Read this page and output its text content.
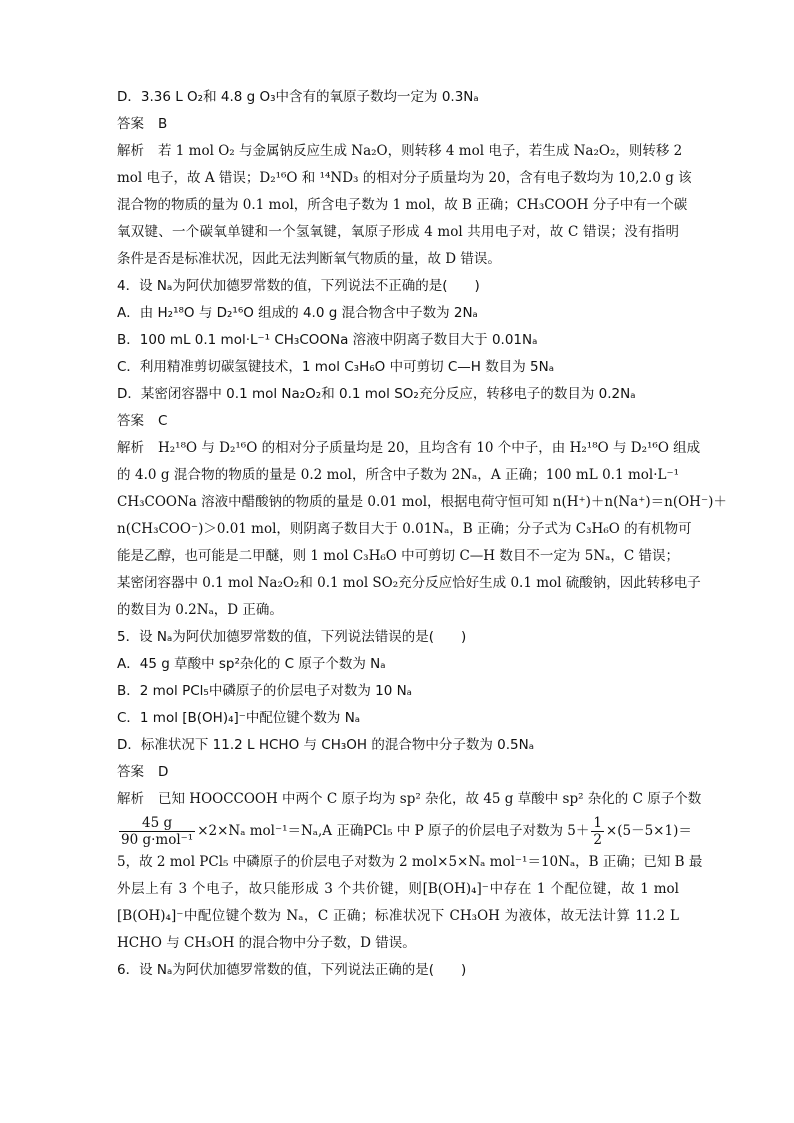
D．3.36 L O₂和 4.8 g O₃中含有的氧原子数均一定为 0.3Nₐ
答案 B
解析 若 1 mol O₂ 与金属钠反应生成 Na₂O，则转移 4 mol 电子，若生成 Na₂O₂，则转移 2
mol 电子，故 A 错误；D₂¹⁶O 和 ¹⁴ND₃ 的相对分子质量均为 20，含有电子数均为 10,2.0 g 该
混合物的物质的量为 0.1 mol，所含电子数为 1 mol，故 B 正确；CH₃COOH 分子中有一个碳
氧双键、一个碳氧单键和一个氢氧键，氧原子形成 4 mol 共用电子对，故 C 错误；没有指明
条件是否是标准状况，因此无法判断氧气物质的量，故 D 错误。
4．设 Nₐ为阿伏加德罗常数的值，下列说法不正确的是(　　)
A．由 H₂¹⁸O 与 D₂¹⁶O 组成的 4.0 g 混合物含中子数为 2Nₐ
B．100 mL 0.1 mol·L⁻¹ CH₃COONa 溶液中阴离子数目大于 0.01Nₐ
C．利用精准剪切碳氢键技术，1 mol C₃H₆O 中可剪切 C—H 数目为 5Nₐ
D．某密闭容器中 0.1 mol Na₂O₂和 0.1 mol SO₂充分反应，转移电子的数目为 0.2Nₐ
答案 C
解析 H₂¹⁸O 与 D₂¹⁶O 的相对分子质量均是 20，且均含有 10 个中子，由 H₂¹⁸O 与 D₂¹⁶O 组成
的 4.0 g 混合物的物质的量是 0.2 mol，所含中子数为 2Nₐ，A 正确；100 mL 0.1 mol·L⁻¹
CH₃COONa 溶液中醋酸钠的物质的量是 0.01 mol，根据电荷守恒可知 n(H⁺)＋n(Na⁺)＝n(OH⁻)＋
n(CH₃COO⁻)＞0.01 mol，则阴离子数目大于 0.01Nₐ，B 正确；分子式为 C₃H₆O 的有机物可
能是乙醇，也可能是二甲醚，则 1 mol C₃H₆O 中可剪切 C—H 数目不一定为 5Nₐ，C 错误；
某密闭容器中 0.1 mol Na₂O₂和 0.1 mol SO₂充分反应恰好生成 0.1 mol 硫酸钠，因此转移电子
的数目为 0.2Nₐ，D 正确。
5．设 Nₐ为阿伏加德罗常数的值，下列说法错误的是(　　)
A．45 g 草酸中 sp²杂化的 C 原子个数为 Nₐ
B．2 mol PCl₅中磷原子的价层电子对数为 10 Nₐ
C．1 mol [B(OH)₄]⁻中配位键个数为 Nₐ
D．标准状况下 11.2 L HCHO 与 CH₃OH 的混合物中分子数为 0.5Nₐ
答案 D
解析 已知 HOOCCOOH 中两个 C 原子均为 sp² 杂化，故 45 g 草酸中 sp² 杂化的 C 原子个数
$\frac{45 g}{\text{90 g·mol⁻¹}} \times 2\times N_a$ mol⁻¹＝Nₐ,A 正确PCl₅ 中 P 原子的价层电子对数为 $5+ \frac{1}{2} \times(5-5\times 1)=$
5，故 2 mol PCl₅ 中磷原子的价层电子对数为 2 mol×5×Nₐ mol⁻¹＝10Nₐ，B 正确；已知 B 最
外层上有 3 个电子，故只能形成 3 个共价键，则[B(OH)₄]⁻中存在 1 个配位键，故 1 mol
[B(OH)₄]⁻中配位键个数为 Nₐ，C 正确；标准状况下 CH₃OH 为液体，故无法计算 11.2 L
HCHO 与 CH₃OH 的混合物中分子数，D 错误。
6．设 Nₐ为阿伏加德罗常数的值，下列说法正确的是(　　)
